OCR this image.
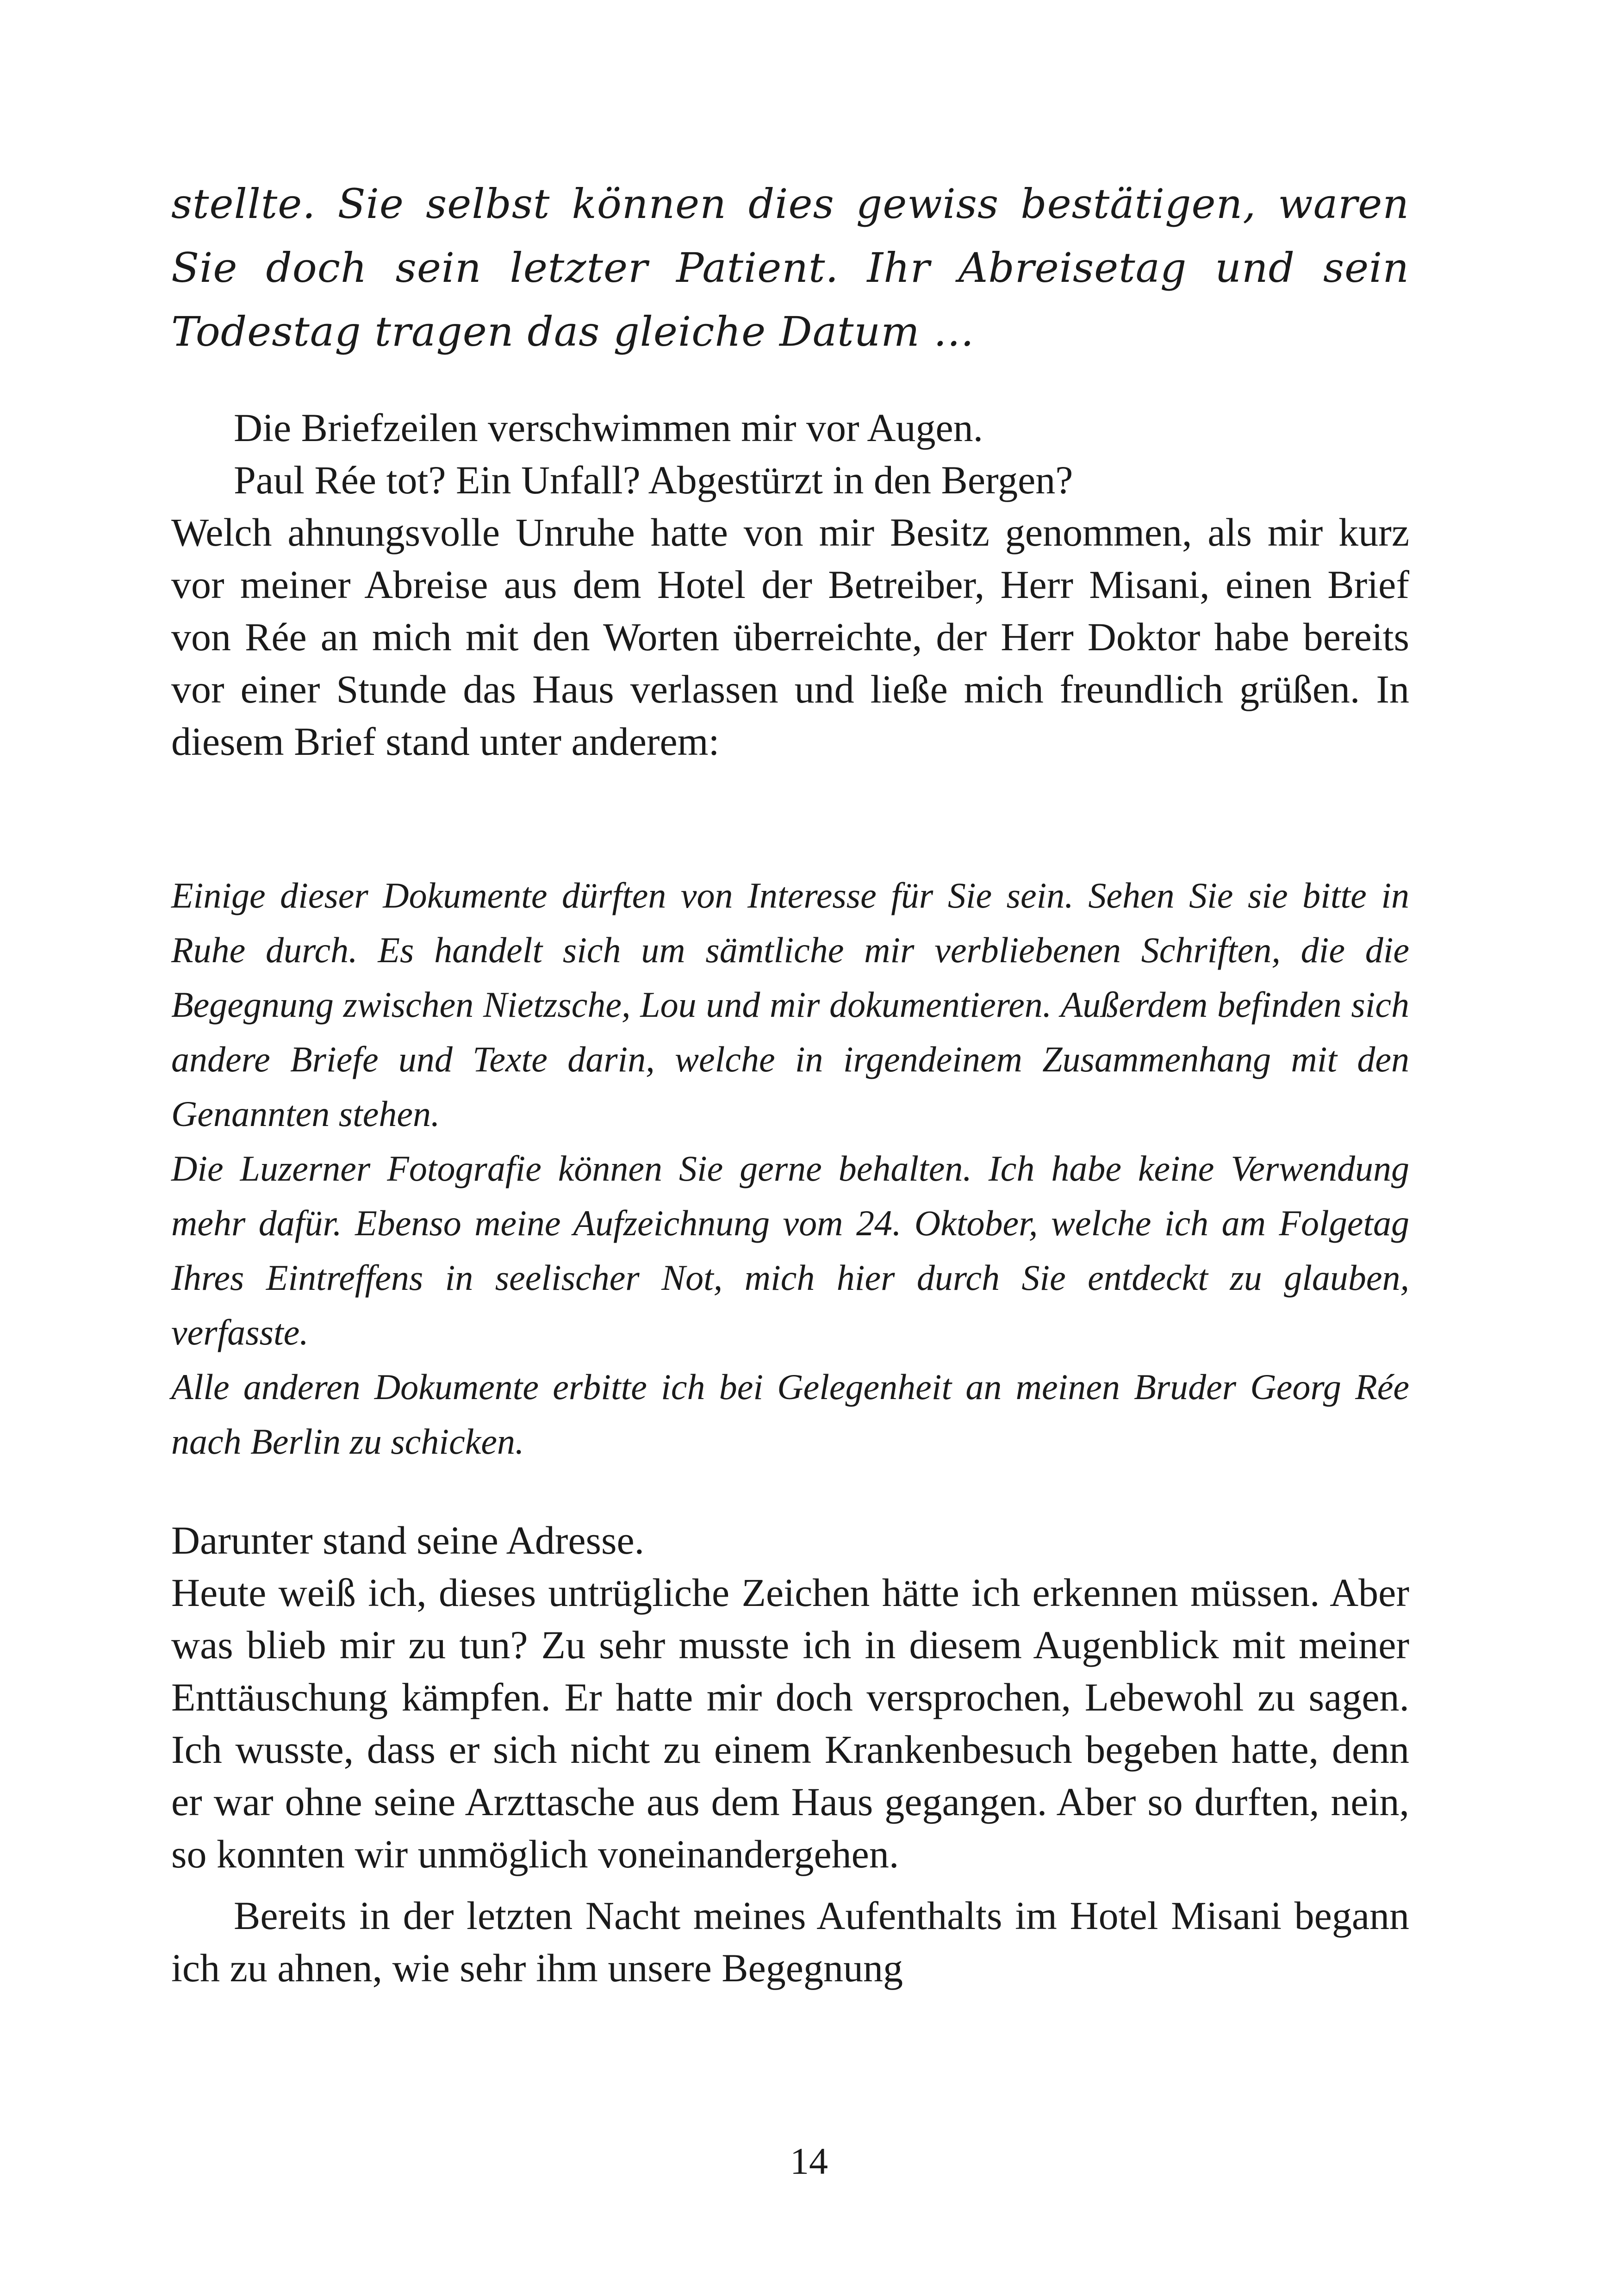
stellte. Sie selbst können dies gewiss bestätigen, waren Sie doch sein letzter Patient. Ihr Abreisetag und sein Todestag tragen das gleiche Datum …

Die Briefzeilen verschwimmen mir vor Augen.

Paul Rée tot? Ein Unfall? Abgestürzt in den Bergen?

Welch ahnungsvolle Unruhe hatte von mir Besitz genommen, als mir kurz vor meiner Abreise aus dem Hotel der Betreiber, Herr Misani, einen Brief von Rée an mich mit den Worten überreichte, der Herr Doktor habe bereits vor einer Stunde das Haus verlassen und ließe mich freundlich grüßen. In diesem Brief stand unter anderem:

Einige dieser Dokumente dürften von Interesse für Sie sein. Sehen Sie sie bitte in Ruhe durch. Es handelt sich um sämtliche mir verbliebenen Schriften, die die Begegnung zwischen Nietzsche, Lou und mir dokumentieren. Außerdem befinden sich andere Briefe und Texte darin, welche in irgendeinem Zusammenhang mit den Genannten stehen.

Die Luzerner Fotografie können Sie gerne behalten. Ich habe keine Verwendung mehr dafür. Ebenso meine Aufzeichnung vom 24. Oktober, welche ich am Folgetag Ihres Eintreffens in seelischer Not, mich hier durch Sie entdeckt zu glauben, verfasste.

Alle anderen Dokumente erbitte ich bei Gelegenheit an meinen Bruder Georg Rée nach Berlin zu schicken.

Darunter stand seine Adresse.

Heute weiß ich, dieses untrügliche Zeichen hätte ich erkennen müssen. Aber was blieb mir zu tun? Zu sehr musste ich in diesem Augenblick mit meiner Enttäuschung kämpfen. Er hatte mir doch versprochen, Lebewohl zu sagen. Ich wusste, dass er sich nicht zu einem Krankenbesuch begeben hatte, denn er war ohne seine Arzttasche aus dem Haus gegangen. Aber so durften, nein, so konnten wir unmöglich voneinandergehen.

Bereits in der letzten Nacht meines Aufenthalts im Hotel Misani begann ich zu ahnen, wie sehr ihm unsere Begegnung

14
